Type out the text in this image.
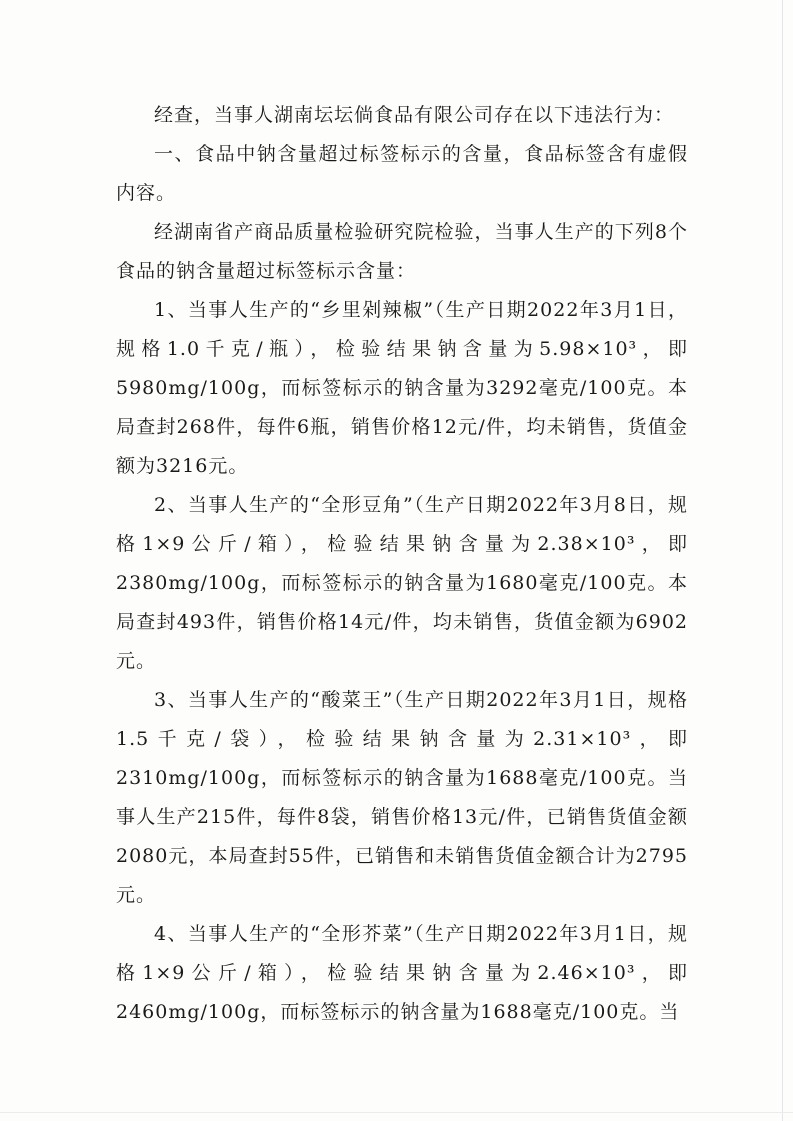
经查，当事人湖南坛坛倘食品有限公司存在以下违法行为：

一、食品中钠含量超过标签标示的含量，食品标签含有虚假内容。

经湖南省产商品质量检验研究院检验，当事人生产的下列8个食品的钠含量超过标签标示含量：

1、当事人生产的“乡里剁辣椒”（生产日期2022年3月1日，规格1.0千克/瓶），检验结果钠含量为5.98×10³，即5980mg/100g，而标签标示的钠含量为3292毫克/100克。本局查封268件，每件6瓶，销售价格12元/件，均未销售，货值金额为3216元。

2、当事人生产的“全形豆角”（生产日期2022年3月8日，规格1×9公斤/箱），检验结果钠含量为2.38×10³，即2380mg/100g，而标签标示的钠含量为1680毫克/100克。本局查封493件，销售价格14元/件，均未销售，货值金额为6902元。

3、当事人生产的“酸菜王”（生产日期2022年3月1日，规格1.5千克/袋），检验结果钠含量为2.31×10³，即2310mg/100g，而标签标示的钠含量为1688毫克/100克。当事人生产215件，每件8袋，销售价格13元/件，已销售货值金额2080元，本局查封55件，已销售和未销售货值金额合计为2795元。

4、当事人生产的“全形芥菜”（生产日期2022年3月1日，规格1×9公斤/箱），检验结果钠含量为2.46×10³，即2460mg/100g，而标签标示的钠含量为1688毫克/100克。当
